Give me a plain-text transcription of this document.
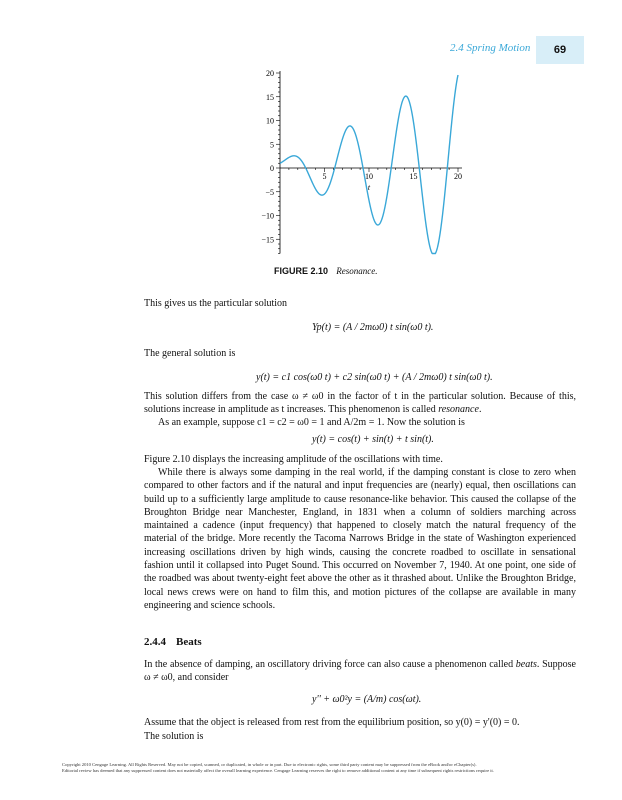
2.4 Spring Motion	69
5	10	15	20
20
15
10
5
0
−5
−10
−15
t
FIGURE 2.10 Resonance.
This gives us the particular solution
Yp(t) = (A / 2mω0) t sin(ω0 t).
The general solution is
y(t) = c1 cos(ω0 t) + c2 sin(ω0 t) + (A / 2mω0) t sin(ω0 t).
This solution differs from the case ω ≠ ω0 in the factor of t in the particular solution. Because of this, solutions increase in amplitude as t increases. This phenomenon is called resonance.
As an example, suppose c1 = c2 = ω0 = 1 and A/2m = 1. Now the solution is
y(t) = cos(t) + sin(t) + t sin(t).
Figure 2.10 displays the increasing amplitude of the oscillations with time.
While there is always some damping in the real world, if the damping constant is close to zero when compared to other factors and if the natural and input frequencies are (nearly) equal, then oscillations can build up to a sufficiently large amplitude to cause resonance-like behavior. This caused the collapse of the Broughton Bridge near Manchester, England, in 1831 when a column of soldiers marching across maintained a cadence (input frequency) that happened to closely match the natural frequency of the material of the bridge. More recently the Tacoma Narrows Bridge in the state of Washington experienced increasing oscillations driven by high winds, causing the concrete roadbed to oscillate in sensational fashion until it collapsed into Puget Sound. This occurred on November 7, 1940. At one point, one side of the roadbed was about twenty-eight feet above the other as it thrashed about. Unlike the Broughton Bridge, local news crews were on hand to film this, and motion pictures of the collapse are available in many engineering and science schools.
2.4.4 Beats
In the absence of damping, an oscillatory driving force can also cause a phenomenon called beats. Suppose ω ≠ ω0, and consider
y'' + ω0²y = (A/m) cos(ωt).
Assume that the object is released from rest from the equilibrium position, so y(0) = y'(0) = 0.
The solution is
Copyright 2010 Cengage Learning. All Rights Reserved. May not be copied, scanned, or duplicated, in whole or in part. Due to electronic rights, some third party content may be suppressed from the eBook and/or eChapter(s).
Editorial review has deemed that any suppressed content does not materially affect the overall learning experience. Cengage Learning reserves the right to remove additional content at any time if subsequent rights restrictions require it.
